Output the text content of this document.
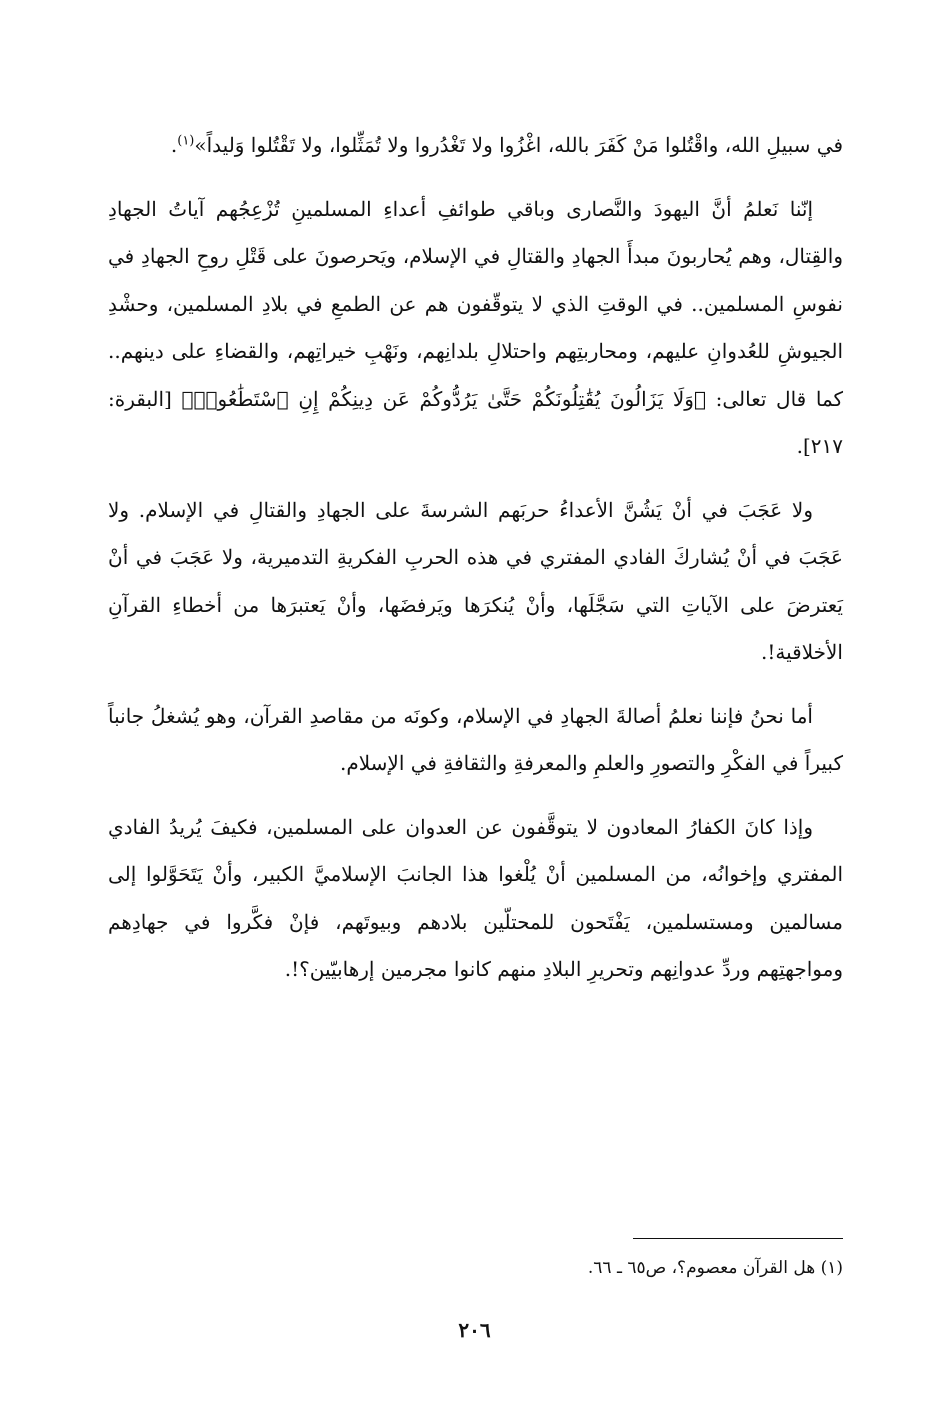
في سبيلِ الله، واقْتُلوا مَنْ كَفَرَ بالله، اغْزُوا ولا تَغْدُروا ولا تُمَثِّلوا، ولا تَقْتُلوا وَليداً»$^{(١)}$.

إنّنا نَعلمُ أنَّ اليهودَ والنَّصارى وباقي طوائفِ أعداءِ المسلمينِ تُزْعِجُهم آياتُ الجهادِ والقِتال، وهم يُحاربونَ مبدأَ الجهادِ والقتالِ في الإسلام، ويَحرصونَ على قَتْلِ روحِ الجهادِ في نفوسِ المسلمين.. في الوقتِ الذي لا يتوقّفون هم عن الطمعِ في بلادِ المسلمين، وحشْدِ الجيوشِ للعُدوانِ عليهم، ومحاربتِهم واحتلالِ بلدانِهم، ونَهْبِ خيراتِهم، والقضاءِ على دينهم.. كما قال تعالى: ﴿وَلَا يَزَالُونَ يُقَٰتِلُونَكُمْ حَتَّىٰ يَرُدُّوكُمْ عَن دِينِكُمْ إِنِ ٱسْتَطَٰعُوا۟﴾ [البقرة: ٢١٧].

ولا عَجَبَ في أنْ يَشُنَّ الأعداءُ حربَهم الشرسةَ على الجهادِ والقتالِ في الإسلام. ولا عَجَبَ في أنْ يُشاركَ الفادي المفتري في هذه الحربِ الفكريةِ التدميرية، ولا عَجَبَ في أنْ يَعترضَ على الآياتِ التي سَجَّلَها، وأنْ يُنكرَها ويَرفضَها، وأنْ يَعتبرَها من أخطاءِ القرآنِ الأخلاقية!.

أما نحنُ فإننا نعلمُ أصالةَ الجهادِ في الإسلام، وكونَه من مقاصدِ القرآن، وهو يُشغلُ جانباً كبيراً في الفكْرِ والتصورِ والعلمِ والمعرفةِ والثقافةِ في الإسلام.

وإذا كانَ الكفارُ المعادون لا يتوقَّفون عن العدوان على المسلمين، فكيفَ يُريدُ الفادي المفتري وإخوانُه، من المسلمين أنْ يُلْغوا هذا الجانبَ الإسلاميَّ الكبير، وأنْ يَتَحَوَّلوا إلى مسالمين ومستسلمين، يَفْتَحون للمحتلّين بلادهم وبيوتَهم، فإنْ فكَّروا في جهادِهم ومواجهتِهم وردِّ عدوانِهم وتحريرِ البلادِ منهم كانوا مجرمين إرهابيّين؟!.

(١) هل القرآن معصوم؟، ص٦٥ ـ ٦٦.
٢٠٦
